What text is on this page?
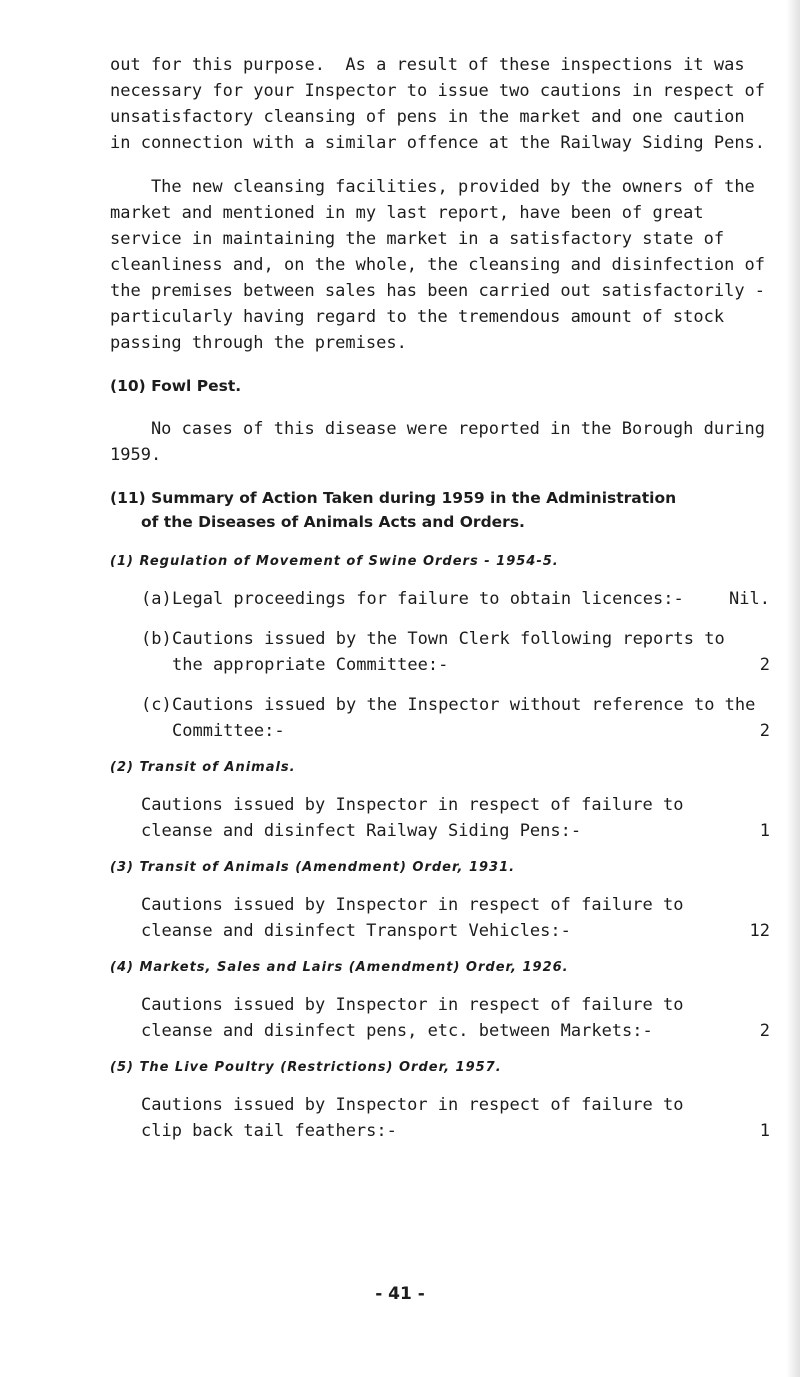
out for this purpose.  As a result of these inspections it was
necessary for your Inspector to issue two cautions in respect of
unsatisfactory cleansing of pens in the market and one caution
in connection with a similar offence at the Railway Siding Pens.
The new cleansing facilities, provided by the owners of the
market and mentioned in my last report, have been of great
service in maintaining the market in a satisfactory state of
cleanliness and, on the whole, the cleansing and disinfection of
the premises between sales has been carried out satisfactorily -
particularly having regard to the tremendous amount of stock
passing through the premises.
(10) Fowl Pest.
No cases of this disease were reported in the Borough during
1959.
(11) Summary of Action Taken during 1959 in the Administration
of the Diseases of Animals Acts and Orders.
(1) Regulation of Movement of Swine Orders - 1954-5.
(a) Legal proceedings for failure to obtain licences:-	Nil.
(b) Cautions issued by the Town Clerk following reports to the appropriate Committee:-	2
(c) Cautions issued by the Inspector without reference to the Committee:-	2
(2) Transit of Animals.
Cautions issued by Inspector in respect of failure to cleanse and disinfect Railway Siding Pens:-	1
(3) Transit of Animals (Amendment) Order, 1931.
Cautions issued by Inspector in respect of failure to cleanse and disinfect Transport Vehicles:-	12
(4) Markets, Sales and Lairs (Amendment) Order, 1926.
Cautions issued by Inspector in respect of failure to cleanse and disinfect pens, etc. between Markets:-	2
(5) The Live Poultry (Restrictions) Order, 1957.
Cautions issued by Inspector in respect of failure to clip back tail feathers:-	1
- 41 -
